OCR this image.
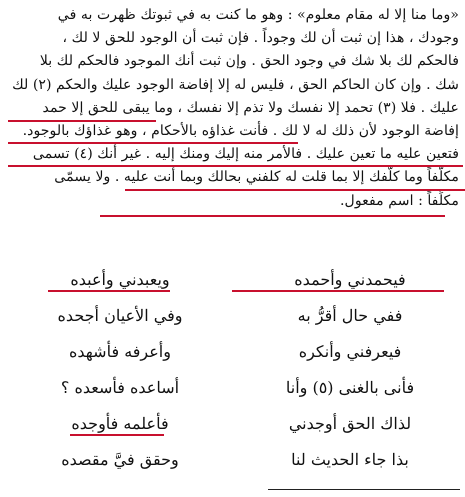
«وما منا إلا له مقام معلوم» : وهو ما كنت به في ثبوتك ظهرت به في

وجودك ، هذا إن ثبت أن لك وجوداً . فإن ثبت أن الوجود للحق لا لك ،

فالحكم لك بلا شك في وجود الحق . وإن ثبت أنك الموجود فالحكم لك بلا

شك . وإن كان الحاكم الحق ، فليس له إلا إفاضة الوجود عليك والحكم (٢) لك

عليك . فلا (٣) تحمد إلا نفسك ولا تذم إلا نفسك ، وما يبقى للحق إلا حمد

إفاضة الوجود لأن ذلك له لا لك . فأنت غذاؤه بالأحكام ، وهو غذاؤك بالوجود.

فتعين عليه ما تعين عليك . فالأمر منه إليك ومنك إليه . غير أنك (٤) تسمى

مكلَّفاً وما كلّفك إلا بما قلت له كلفني بحالك وبما أنت عليه . ولا يسمّى

مكلِّفاً : اسم مفعول.

فيحمدني وأحمده
ويعبدني وأعبده
ففي حال أقرُّ به
وفي الأعيان أجحده
فيعرفني وأنكره
وأعرفه فأشهده
فأنى بالغنى (٥) وأنا
أساعده فأسعده ؟
لذاك الحق أوجدني
فأعلمه فأوجده
بذا جاء الحديث لنا
وحقق فيَّ مقصده
